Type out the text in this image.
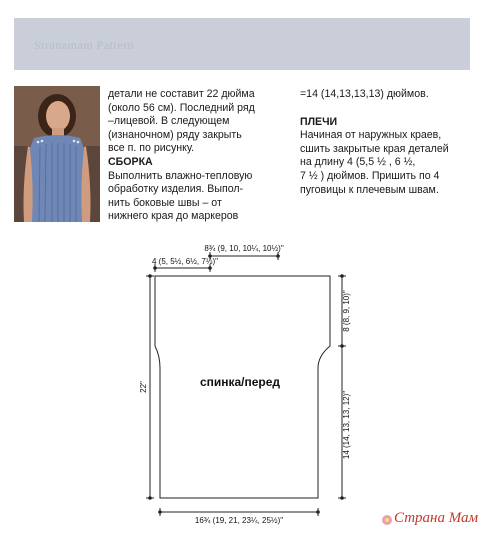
Stranamam Pattern

детали не составит 22 дюйма

(около 56 см). Последний ряд

–лицевой. В следующем

(изнаночном) ряду закрыть

все п. по рисунку.

СБОРКА

Выполнить влажно-тепловую

обработку изделия. Выпол-

нить боковые швы – от

нижнего края до маркеров

=14 (14,13,13,13) дюймов.

ПЛЕЧИ

Начиная от наружных краев,

сшить закрытые края деталей

на длину 4 (5,5 ½ , 6 ½,

7 ½ ) дюймов. Пришить по 4

пуговицы к плечевым швам.

спинка/перед
8¾ (9, 10, 10¼, 10½)"
4 (5, 5½, 6½, 7½)"
8 (8, 9, 10)"
14 (14, 13, 13, 12)"
22"
16¾ (19, 21, 23¼, 25½)"	Страна Мам
